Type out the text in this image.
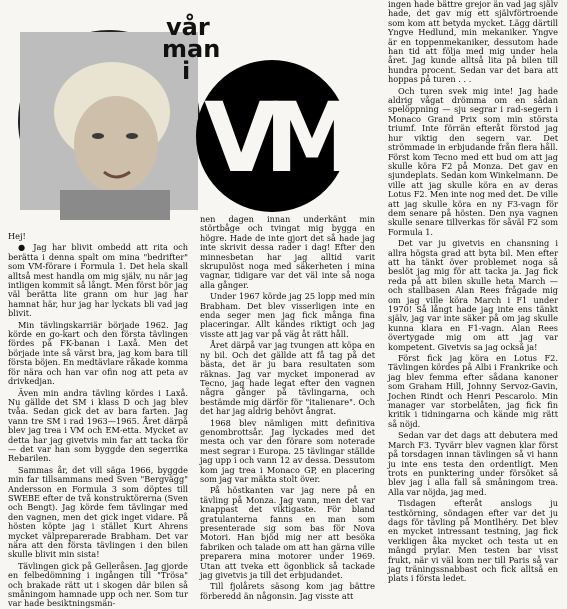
vår
man
i
VM

Hej!

● Jag har blivit ombedd att rita och berätta i denna spalt om mina "bedrifter" som VM-förare i Formula 1. Det hela skall alltså mest handla om mig själv, nu när jag intligen kommit så långt. Men först bör jag väl berätta lite grann om hur jag har hamnat här, hur jag har lyckats bli vad jag blivit.

Min tävlingskarriär började 1962. Jag körde en go-kart och den första tävlingen fördes på FK-banan i Laxå. Men det började inte så värst bra, jag kom bara till första böjen. En medtävlare råkade komma för nära och han var ofin nog att peta av drivkedjan.

Även min andra tävling kördes i Laxå. Nu gällde det SM i klass D och jag blev tvåa. Sedan gick det av bara farten. Jag vann tre SM i rad 1963—1965. Året därpå blev jag trea i VM och EM-etta. Mycket av detta har jag givetvis min far att tacka för — det var han som byggde den segerrika Rebarilen.

Sammas år, det vill säga 1966, byggde min far tillsammans med Sven "Bergvägg" Andersson en Formula 3 som döptes till SWEBE efter de två konstruktörerna (Sven och Bengt). Jag körde fem tävlingar med den vagnen, men det gick inget vidare. På hösten köpte jag i stället Kurt Ahrens mycket välpreparerade Brabham. Det var nära att den första tävlingen i den bilen skulle blivit min sista!

Tävlingen gick på Gelleråsen. Jag gjorde en felbedömning i ingången till "Trösa" och brakade rätt ut i skogen där bilen så småningom hamnade upp och ner. Som tur var hade besiktningsmän-

nen dagen innan underkänt min störtbåge och tvingat mig bygga en högre. Hade de inte gjort det så hade jag inte skrivit dessa rader i dag! Efter den minnesbetan har jag alltid varit skrupulöst noga med säkerheten i mina vagnar, tidigare var det väl inte så noga alla gånger.

Under 1967 körde jag 25 lopp med min Brabham. Det blev visserligen inte en enda seger men jag fick många fina placeringar. Allt kändes riktigt och jag visste att jag var på väg åt rätt håll.

Året därpå var jag tvungen att köpa en ny bil. Och det gällde att få tag på det bästa, det är ju bara resultaten som räknas. Jag var mycket imponerad av Tecno, jag hade legat efter den vagnen några gånger på tävlingarna, och bestämde mig därför för "italienare". Och det har jag aldrig behövt ångrat.

1968 blev nämligen mitt definitiva genombrottsår. Jag lyckades med det mesta och var den förare som noterade mest segrar i Europa. 25 tävlingar ställde jag upp i och vann 12 av dessa. Dessutom kom jag trea i Monaco GP, en placering som jag var mäkta stolt över.

På höstkanten var jag nere på en tävling på Monza. Jag vann, men det var knappast det viktigaste. För bland gratulanterna fanns en man som presenterade sig som bas för Nova Motori. Han bjöd mig ner att besöka fabriken och talade om att han gärna ville preparera mina motorer under 1969. Utan att tveka ett ögonblick så tackade jag givetvis ja till det erbjudandet.

Till fjolårets säsong kom jag bättre förberedd än någonsin. Jag visste att

ingen hade bättre grejor än vad jag själv hade, det gav mig ett självförtroende som kom att betyda mycket. Lägg därtill Yngve Hedlund, min mekaniker. Yngve är en toppenmekaniker, dessutom hade han tid att följa med mig under hela året. Jag kunde alltså lita på bilen till hundra procent. Sedan var det bara att hoppas på turen . . .

Och turen svek mig inte! Jag hade aldrig vågat drömma om en sådan spelöppning — sju segrar i rad-segern i Monaco Grand Prix som min största triumf. Inte förrän efteråt förstod jag hur viktig den segern var. Det strömmade in erbjudande från flera håll. Först kom Tecno med ett bud om att jag skulle köra F2 på Monza. Det gav en sjundeplats. Sedan kom Winkelmann. De ville att jag skulle köra en av deras Lotus F2. Men inte nog med det. De ville att jag skulle köra en ny F3-vagn för dem senare på hösten. Den nya vagnen skulle senare tillverkas för såväl F2 som Formula 1.

Det var ju givetvis en chansning i allra högsta grad att byta bil. Men efter att ha tänkt över problemet noga så beslöt jag mig för att tacka ja. Jag fick reda på att bilen skulle heta March — och stallbasen Alan Rees frågade mig om jag ville köra March i F1 under 1970! Så långt hade jag inte ens tänkt själv, jag var inte säker på om jag skulle kunna klara en F1-vagn. Alan Rees övertygade mig om att jag var kompetent. Givetvis sa jag också ja!

Först fick jag köra en Lotus F2. Tävlingen kördes på Albi i Frankrike och jag blev femma efter sådana kanoner som Graham Hill, Johnny Servoz-Gavin, Jochen Rindt och Henri Pescarolo. Min manager var storbelåten, jag fick fin kritik i tidningarna och kände mig rätt så nöjd.

Sedan var det dags att debutera med March F3. Tyvärr blev vagnen klar först på torsdagen innan tävlingen så vi hann ju inte ens testa den ordentligt. Men trots en punktering under försöket så blev jag i alla fall så småningom trea. Alla var nöjda, jag med.

Tisdagen efteråt anslogs ju testkörning, söndagen efter var det ju dags för tävling på Montlhéry. Det blev en mycket intressant testning, jag fick verkligen åka mycket och testa ut en mängd prylar. Men testen bar visst frukt, när vi väl kom ner till Paris så var jag träningssnabbast och fick alltså en plats i första ledet.
